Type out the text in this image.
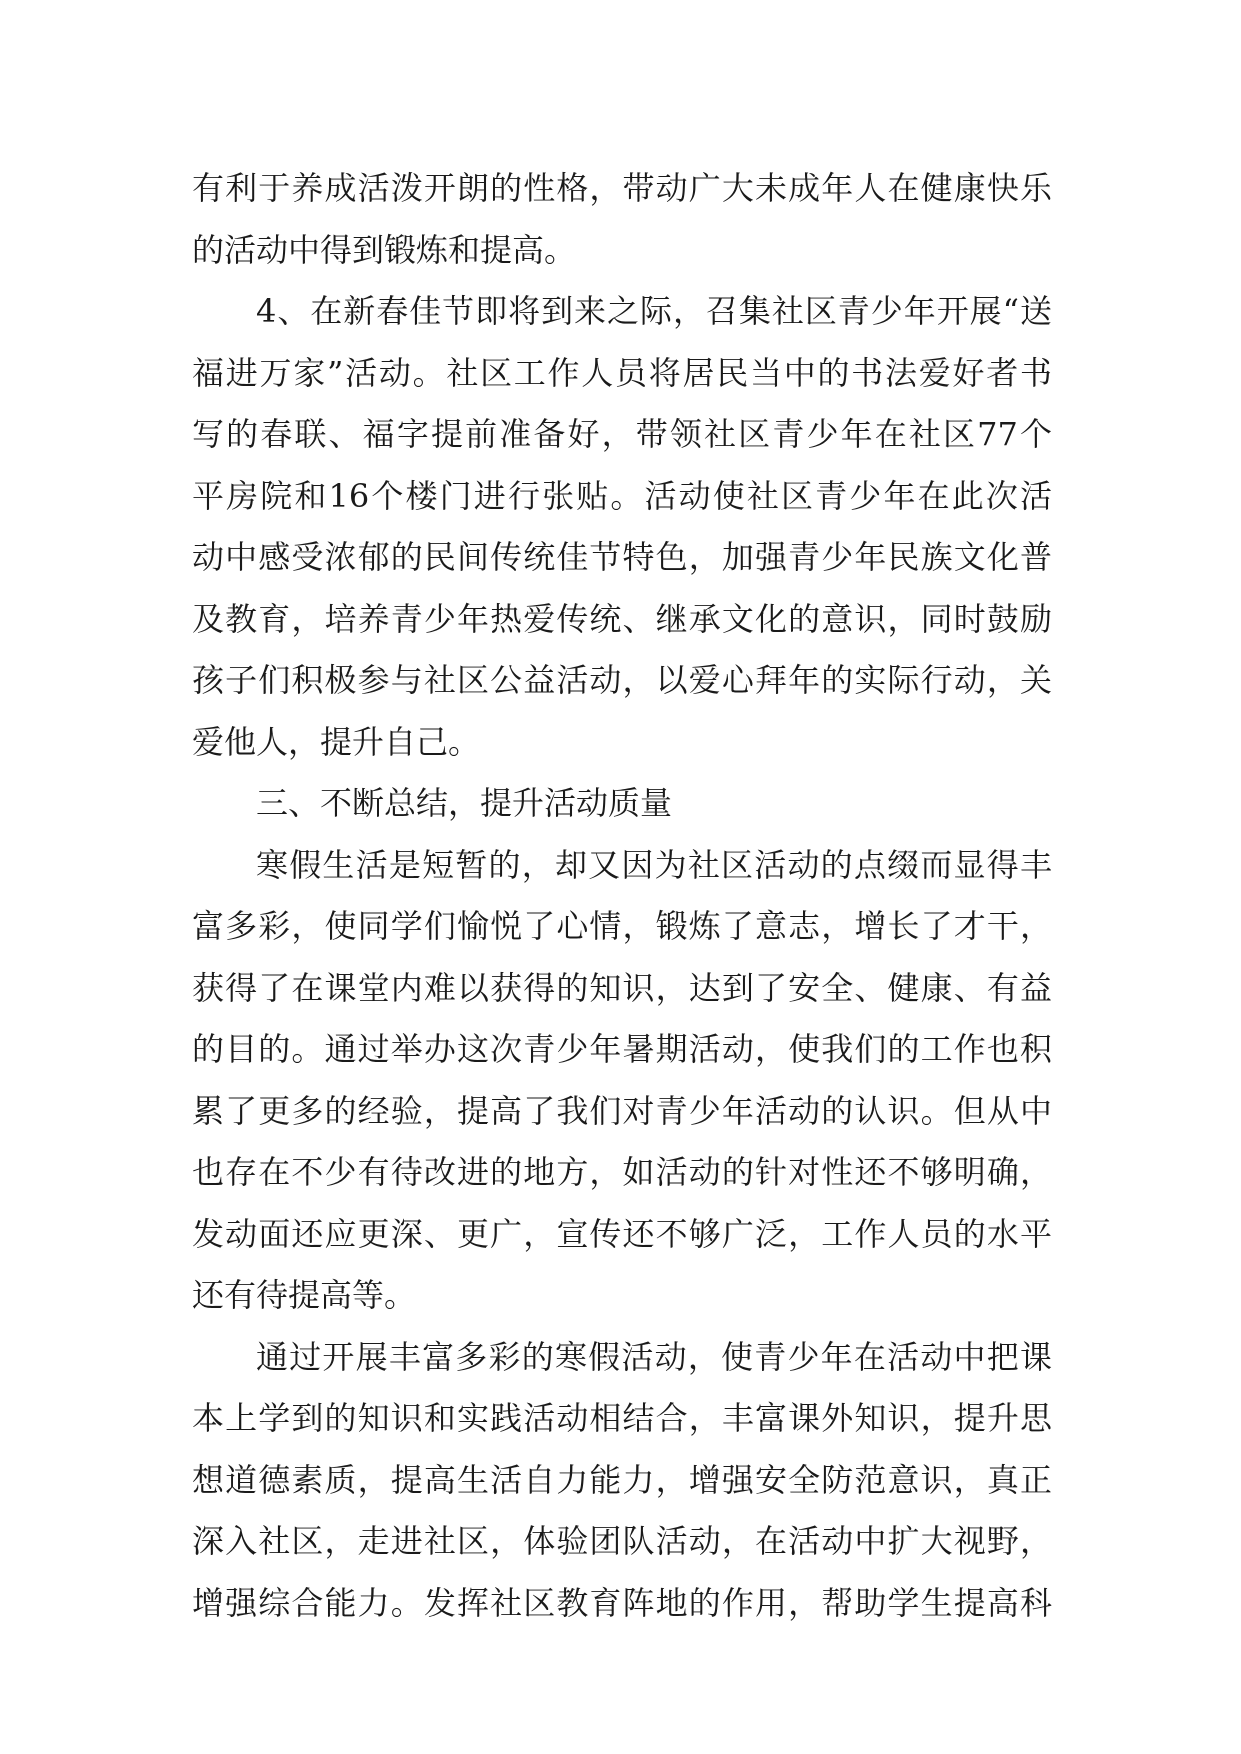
有利于养成活泼开朗的性格，带动广大未成年人在健康快乐
的活动中得到锻炼和提高。
4、在新春佳节即将到来之际，召集社区青少年开展“送
福进万家”活动。社区工作人员将居民当中的书法爱好者书
写的春联、福字提前准备好，带领社区青少年在社区77个
平房院和16个楼门进行张贴。活动使社区青少年在此次活
动中感受浓郁的民间传统佳节特色，加强青少年民族文化普
及教育，培养青少年热爱传统、继承文化的意识，同时鼓励
孩子们积极参与社区公益活动，以爱心拜年的实际行动，关
爱他人，提升自己。
三、不断总结，提升活动质量
寒假生活是短暂的，却又因为社区活动的点缀而显得丰
富多彩，使同学们愉悦了心情，锻炼了意志，增长了才干，
获得了在课堂内难以获得的知识，达到了安全、健康、有益
的目的。通过举办这次青少年暑期活动，使我们的工作也积
累了更多的经验，提高了我们对青少年活动的认识。但从中
也存在不少有待改进的地方，如活动的针对性还不够明确，
发动面还应更深、更广，宣传还不够广泛，工作人员的水平
还有待提高等。
通过开展丰富多彩的寒假活动，使青少年在活动中把课
本上学到的知识和实践活动相结合，丰富课外知识，提升思
想道德素质，提高生活自力能力，增强安全防范意识，真正
深入社区，走进社区，体验团队活动，在活动中扩大视野，
增强综合能力。发挥社区教育阵地的作用，帮助学生提高科
